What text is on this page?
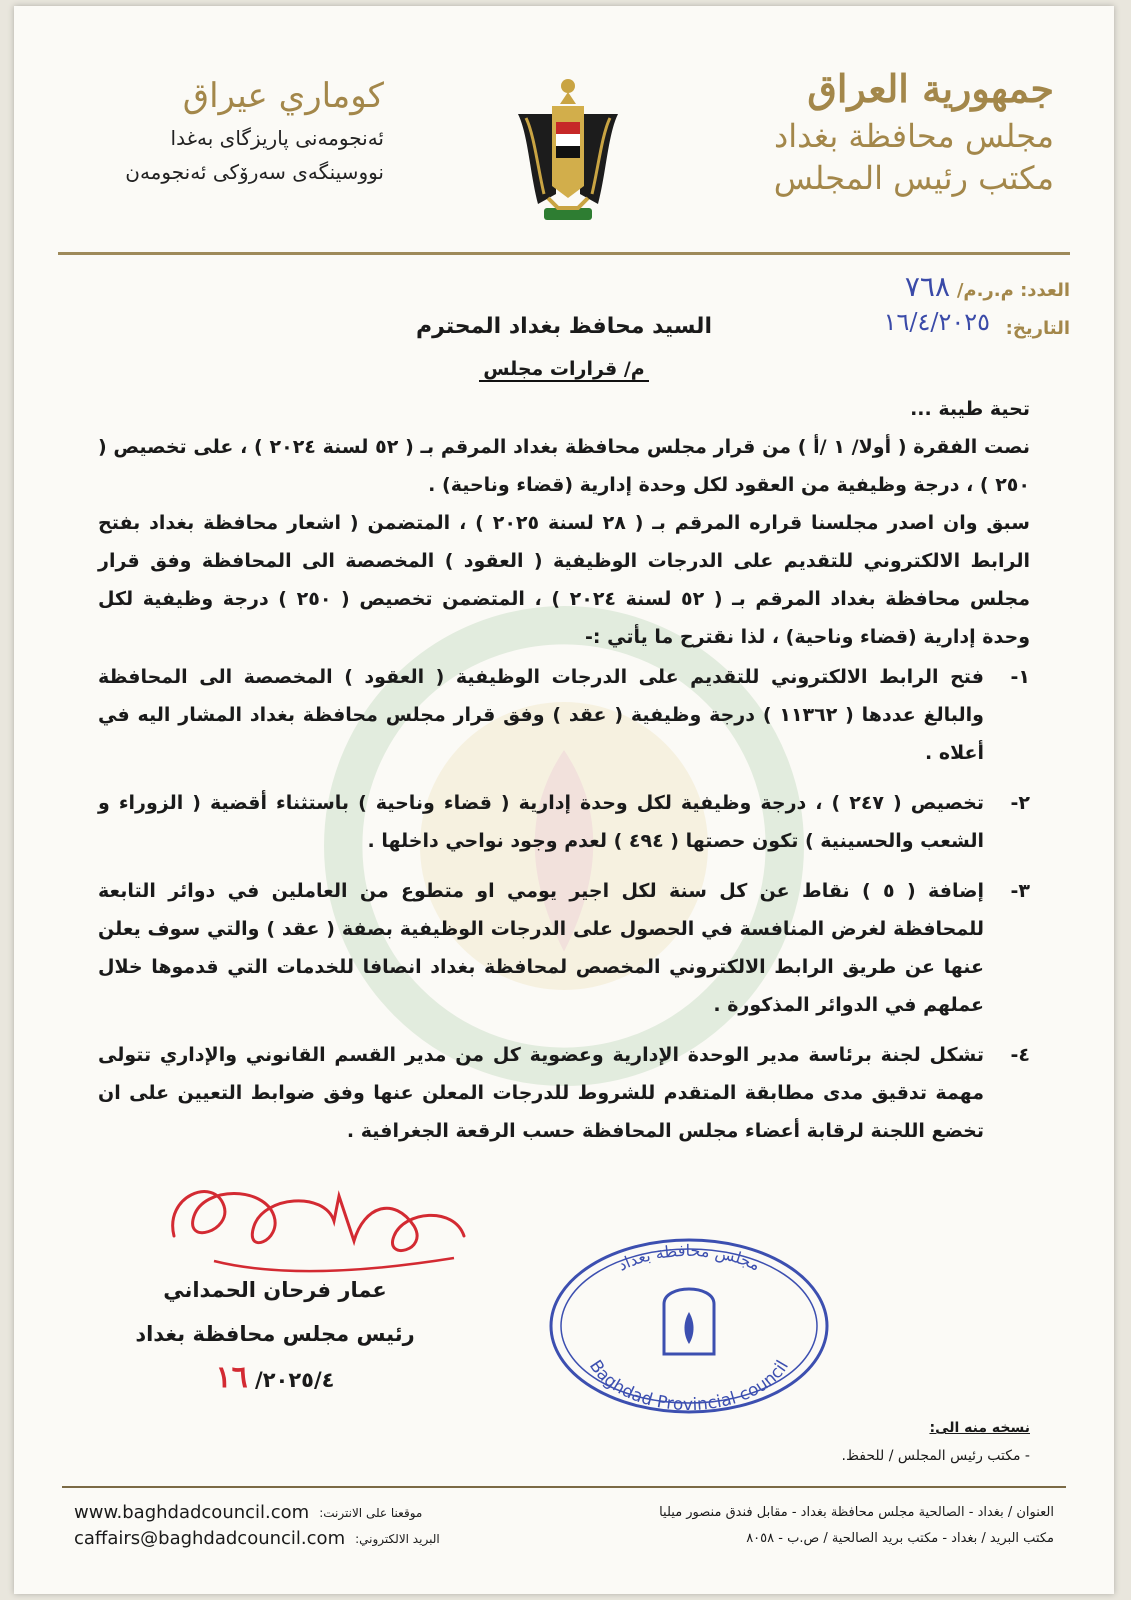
جمهورية العراق
مجلس محافظة بغداد
مكتب رئيس المجلس
كوماري عيراق
ئەنجومەنی پاریزگای بەغدا
نووسینگەی سەرۆکی ئەنجومەن
العدد: م.ر.م/
٧٦٨
التاريخ:
١٦/٤/٢٠٢٥
السيد محافظ بغداد المحترم
م/ قرارات مجلس

تحية طيبة ...

نصت الفقرة ( أولا/ ١ /أ ) من قرار مجلس محافظة بغداد المرقم بـ ( ٥٢ لسنة ٢٠٢٤ ) ، على تخصيص ( ٢٥٠ ) ، درجة وظيفية من العقود لكل وحدة إدارية (قضاء وناحية) .

سبق وان اصدر مجلسنا قراره المرقم بـ ( ٢٨ لسنة ٢٠٢٥ ) ، المتضمن ( اشعار محافظة بغداد بفتح الرابط الالكتروني للتقديم على الدرجات الوظيفية ( العقود ) المخصصة الى المحافظة وفق قرار مجلس محافظة بغداد المرقم بـ ( ٥٢ لسنة ٢٠٢٤ ) ، المتضمن تخصيص ( ٢٥٠ ) درجة وظيفية لكل وحدة إدارية (قضاء وناحية) ، لذا نقترح ما يأتي :-

١-
فتح الرابط الالكتروني للتقديم على الدرجات الوظيفية ( العقود ) المخصصة الى المحافظة والبالغ عددها ( ١١٣٦٢ ) درجة وظيفية ( عقد ) وفق قرار مجلس محافظة بغداد المشار اليه في أعلاه .
٢-
تخصيص ( ٢٤٧ ) ، درجة وظيفية لكل وحدة إدارية ( قضاء وناحية ) باستثناء أقضية ( الزوراء و الشعب والحسينية ) تكون حصتها ( ٤٩٤ ) لعدم وجود نواحي داخلها .
٣-
إضافة ( ٥ ) نقاط عن كل سنة لكل اجير يومي او متطوع من العاملين في دوائر التابعة للمحافظة لغرض المنافسة في الحصول على الدرجات الوظيفية بصفة ( عقد ) والتي سوف يعلن عنها عن طريق الرابط الالكتروني المخصص لمحافظة بغداد انصافا للخدمات التي قدموها خلال عملهم في الدوائر المذكورة .
٤-
تشكل لجنة برئاسة مدير الوحدة الإدارية وعضوية كل من مدير القسم القانوني والإداري تتولى مهمة تدقيق مدى مطابقة المتقدم للشروط للدرجات المعلن عنها وفق ضوابط التعيين على ان تخضع اللجنة لرقابة أعضاء مجلس المحافظة حسب الرقعة الجغرافية .
مجلس محافظة بغداد
Baghdad Provincial council
عمار فرحان الحمداني
رئيس مجلس محافظة بغداد
٢٠٢٥/٤/ ١٦
نسخه منه الى:
- مكتب رئيس المجلس / للحفظ.
العنوان / بغداد - الصالحية مجلس محافظة بغداد - مقابل فندق منصور ميليا
مكتب البريد / بغداد - مكتب بريد الصالحية / ص.ب - ٨٠٥٨
www.baghdadcouncil.com موقعنا على الانترنت:
caffairs@baghdadcouncil.com البريد الالكتروني:
